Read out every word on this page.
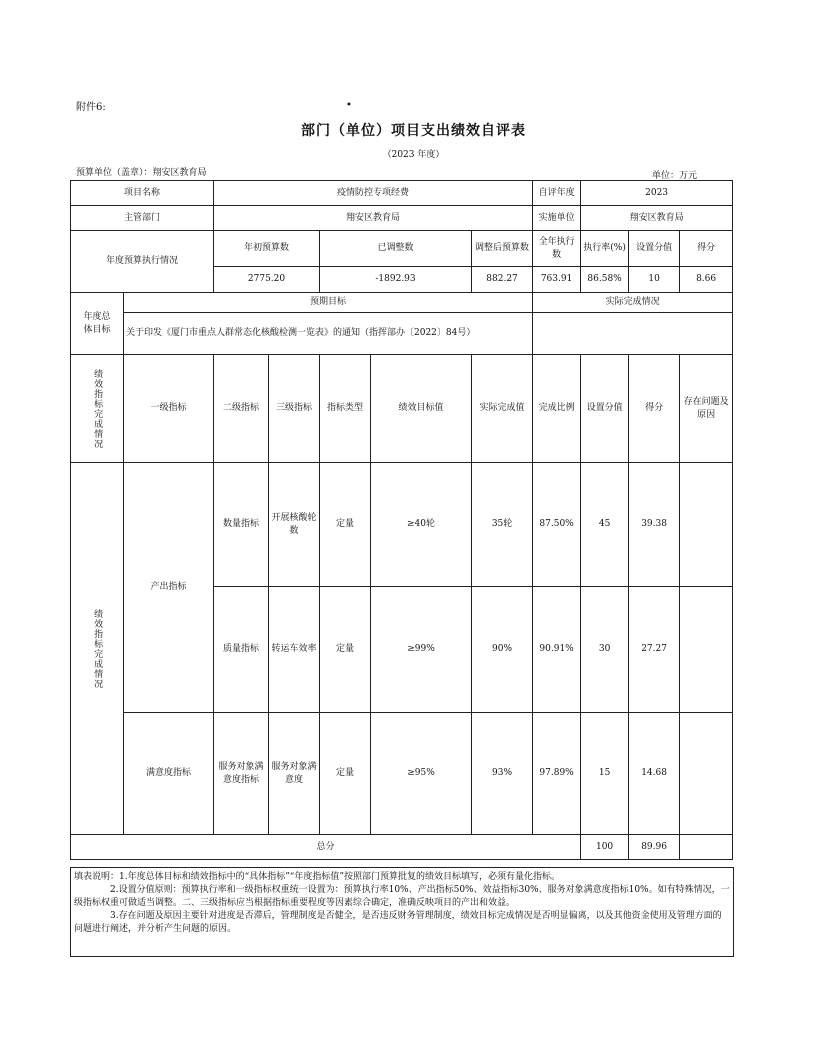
附件6:	•
部门（单位）项目支出绩效自评表
（2023 年度）
预算单位（盖章）：翔安区教育局	单位：万元
项目名称		疫情防控专项经费					自评年度	2023		
主管部门		翔安区教育局					实施单位	翔安区教育局		
年度预算执行情况		年初预算数		已调整数		调整后预算数	全年执行数	执行率(%)	设置分值	得分
		2775.20		-1892.93		882.27	763.91	86.58%	10	8.66

年度总体目标	预期目标						实际完成情况			
	关于印发《厦门市重点人群常态化核酸检测一览表》的通知（指挥部办〔2022〕84号）									

绩效指标完成情况	一级指标	二级指标	三级指标	指标类型	绩效目标值	实际完成值	完成比例	设置分值	得分	存在问题及原因

绩效指标完成情况	产出指标	数量指标	开展核酸轮数	定量	≥40轮	35轮	87.50%	45	39.38	
		质量指标	转运车效率	定量	≥99%	90%	90.91%	30	27.27	
	满意度指标	服务对象满意度指标	服务对象满意度	定量	≥95%	93%	97.89%	15	14.68	
总分								100	89.96	

填表说明：1.年度总体目标和绩效指标中的“具体指标”“年度指标值”按照部门预算批复的绩效目标填写，必须有量化指标。

2.设置分值原则：预算执行率和一级指标权重统一设置为：预算执行率10%、产出指标50%、效益指标30%、服务对象满意度指标10%。如有特殊情况，一级指标权重可做适当调整。二、三级指标应当根据指标重要程度等因素综合确定，准确反映项目的产出和效益。

3.存在问题及原因主要针对进度是否滞后，管理制度是否健全，是否违反财务管理制度，绩效目标完成情况是否明显偏离，以及其他资金使用及管理方面的问题进行阐述，并分析产生问题的原因。
